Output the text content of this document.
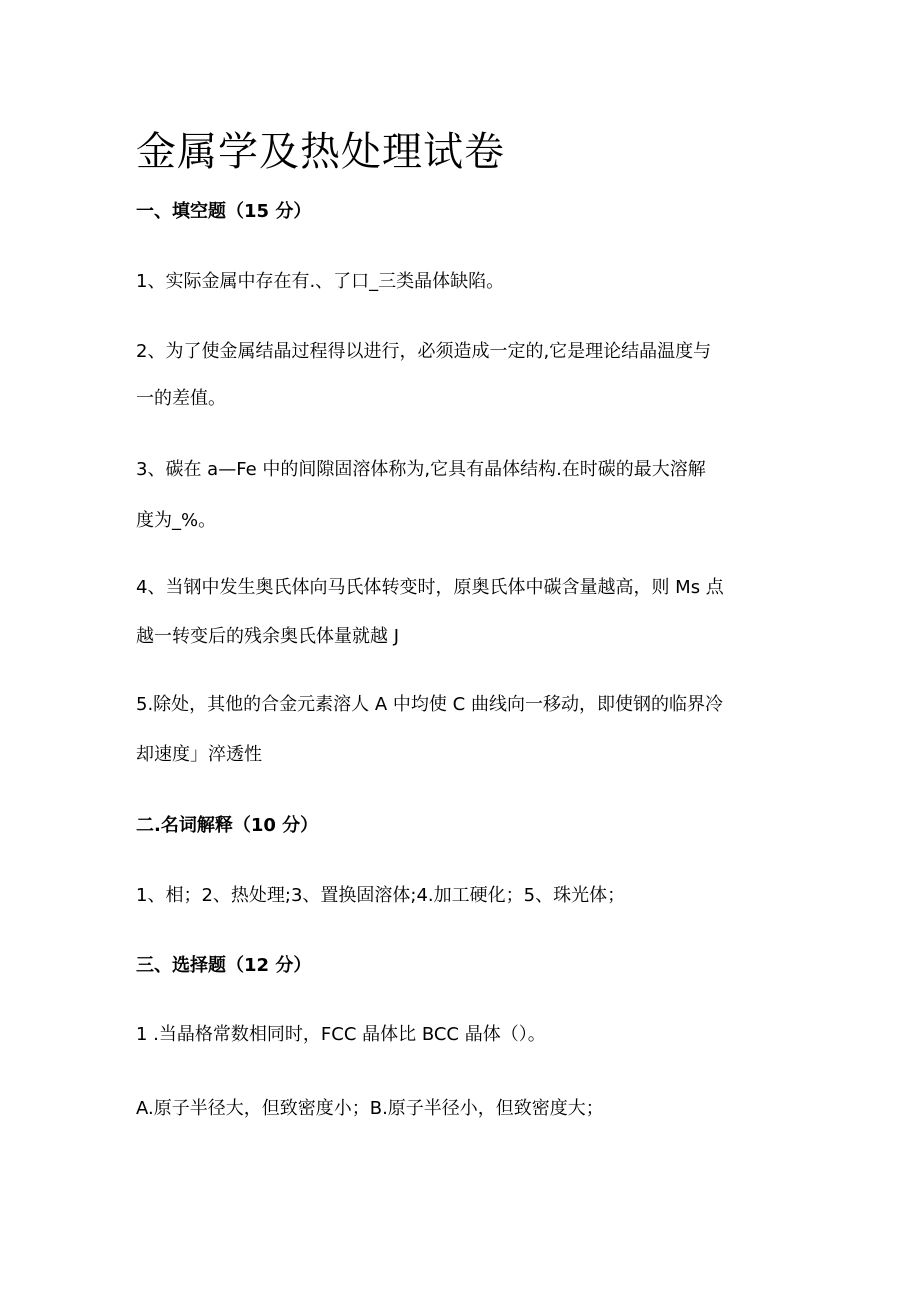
金属学及热处理试卷
一、填空题（15 分）
1、实际金属中存在有.、了口_三类晶体缺陷。
2、为了使金属结晶过程得以进行，必须造成一定的,它是理论结晶温度与
一的差值。
3、碳在 a—Fe 中的间隙固溶体称为,它具有晶体结构.在时碳的最大溶解
度为_%。
4、当钢中发生奥氏体向马氏体转变时，原奥氏体中碳含量越高，则 Ms 点
越一转变后的残余奥氏体量就越 J
5.除处，其他的合金元素溶人 A 中均使 C 曲线向一移动，即使钢的临界冷
却速度」淬透性
二.名词解释（10 分）
1、相；2、热处理;3、置换固溶体;4.加工硬化；5、珠光体；
三、选择题（12 分）
1 .当晶格常数相同时，FCC 晶体比 BCC 晶体（）。
A.原子半径大，但致密度小；B.原子半径小，但致密度大；
